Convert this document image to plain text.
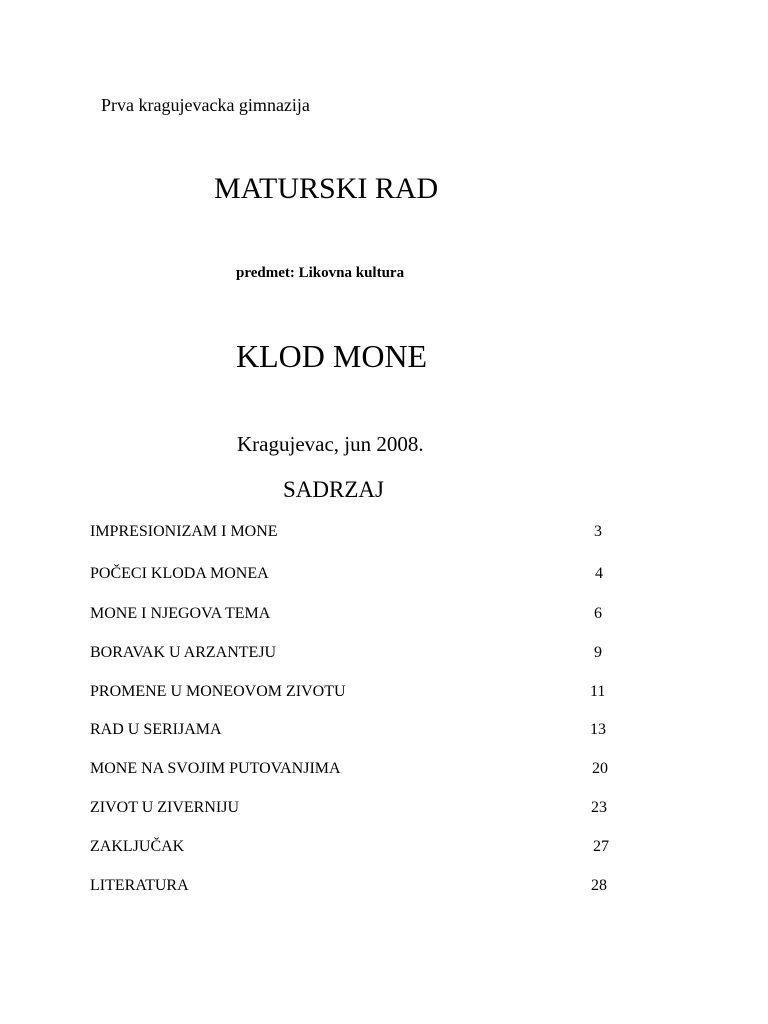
Prva kragujevacka gimnazija
MATURSKI RAD
predmet: Likovna kultura
KLOD MONE
Kragujevac, jun 2008.
SADRZAJ
IMPRESIONIZAM I MONE	3
POČECI KLODA MONEA	4
MONE I NJEGOVA TEMA	6
BORAVAK U ARZANTEJU	9
PROMENE U MONEOVOM ZIVOTU	11
RAD U SERIJAMA	13
MONE NA SVOJIM PUTOVANJIMA	20
ZIVOT U ZIVERNIJU	23
ZAKLJUČAK	27
LITERATURA	28
